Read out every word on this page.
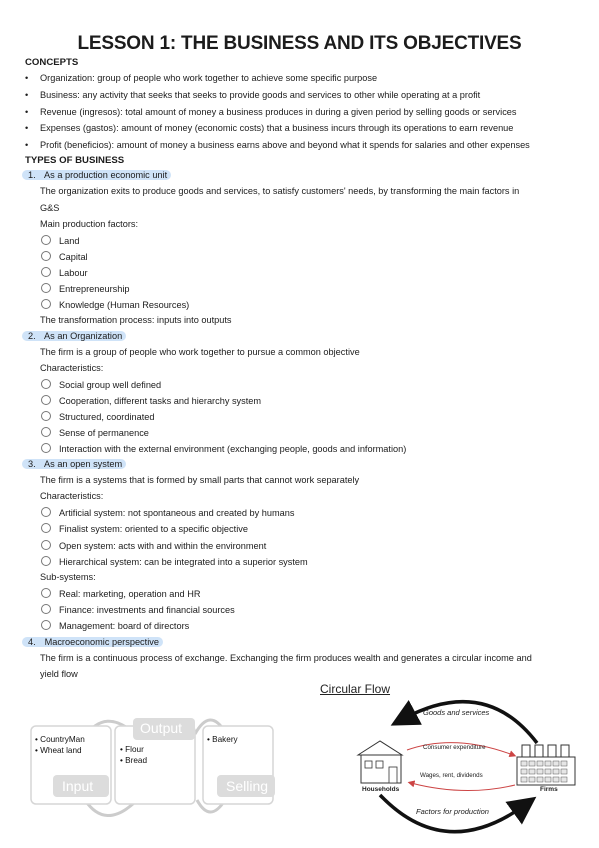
LESSON 1: THE BUSINESS AND ITS OBJECTIVES
CONCEPTS
• Organization: group of people who work together to achieve some specific purpose
• Business: any activity that seeks that seeks to provide goods and services to other while operating at a profit
• Revenue (ingresos): total amount of money a business produces in during a given period by selling goods or services
• Expenses (gastos): amount of money (economic costs) that a business incurs through its operations to earn revenue
• Profit (beneficios): amount of money a business earns above and beyond what it spends for salaries and other expenses
TYPES OF BUSINESS
1. As a production economic unit
The organization exits to produce goods and services, to satisfy customers' needs, by transforming the main factors in
G&S
Main production factors:
Land
Capital
Labour
Entrepreneurship
Knowledge (Human Resources)
The transformation process: inputs into outputs
2. As an Organization
The firm is a group of people who work together to pursue a common objective
Characteristics:
Social group well defined
Cooperation, different tasks and hierarchy system
Structured, coordinated
Sense of permanence
Interaction with the external environment (exchanging people, goods and information)
3. As an open system
The firm is a systems that is formed by small parts that cannot work separately
Characteristics:
Artificial system: not spontaneous and created by humans
Finalist system: oriented to a specific objective
Open system: acts with and within the environment
Hierarchical system: can be integrated into a superior system
Sub-systems:
Real: marketing, operation and HR
Finance: investments and financial sources
Management: board of directors
4. Macroeconomic perspective
The firm is a continuous process of exchange. Exchanging the firm produces wealth and generates a circular income and
yield flow
Input
Output
Selling
• CountryMan
• Wheat land	• Flour
• Bread
• Bakery
Circular Flow
Goods and services
Consumer expenditure
Wages, rent, dividends
Factors for production
Households	Firms
